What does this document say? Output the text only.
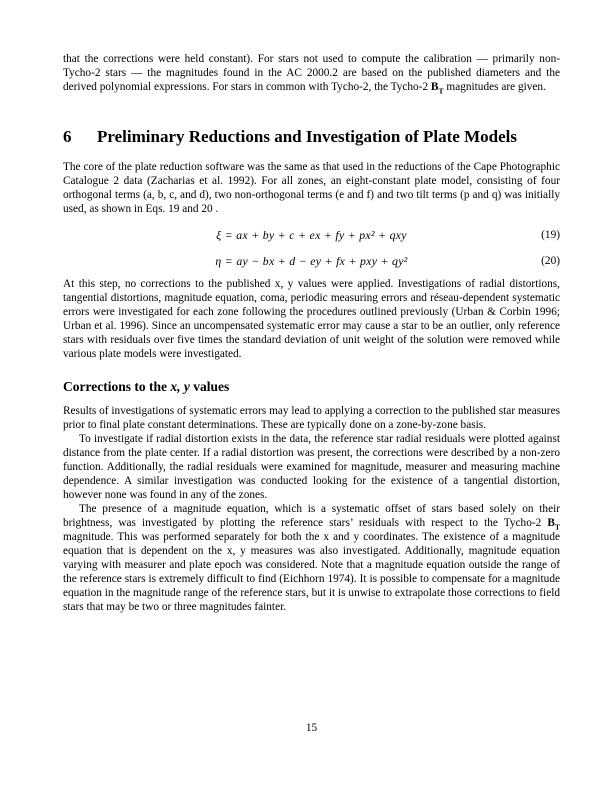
that the corrections were held constant). For stars not used to compute the calibration — primarily non-Tycho-2 stars — the magnitudes found in the AC 2000.2 are based on the published diameters and the derived polynomial expressions. For stars in common with Tycho-2, the Tycho-2 $B_T$ magnitudes are given.

6	Preliminary Reductions and Investigation of Plate Models

The core of the plate reduction software was the same as that used in the reductions of the Cape Photographic Catalogue 2 data (Zacharias et al. 1992). For all zones, an eight-constant plate model, consisting of four orthogonal terms (a, b, c, and d), two non-orthogonal terms (e and f) and two tilt terms (p and q) was initially used, as shown in Eqs. 19 and 20 .

ξ = ax + by + c + ex + fy + px² + qxy	(19)
η = ay − bx + d − ey + fx + pxy + qy²	(20)

At this step, no corrections to the published x, y values were applied. Investigations of radial distortions, tangential distortions, magnitude equation, coma, periodic measuring errors and réseau-dependent systematic errors were investigated for each zone following the procedures outlined previously (Urban & Corbin 1996; Urban et al. 1996). Since an uncompensated systematic error may cause a star to be an outlier, only reference stars with residuals over five times the standard deviation of unit weight of the solution were removed while various plate models were investigated.

Corrections to the x, y values

Results of investigations of systematic errors may lead to applying a correction to the published star measures prior to final plate constant determinations. These are typically done on a zone-by-zone basis.

To investigate if radial distortion exists in the data, the reference star radial residuals were plotted against distance from the plate center. If a radial distortion was present, the corrections were described by a non-zero function. Additionally, the radial residuals were examined for magnitude, measurer and measuring machine dependence. A similar investigation was conducted looking for the existence of a tangential distortion, however none was found in any of the zones.

The presence of a magnitude equation, which is a systematic offset of stars based solely on their brightness, was investigated by plotting the reference stars’ residuals with respect to the Tycho-2 $B_T$ magnitude. This was performed separately for both the x and y coordinates. The existence of a magnitude equation that is dependent on the x, y measures was also investigated. Additionally, magnitude equation varying with measurer and plate epoch was considered. Note that a magnitude equation outside the range of the reference stars is extremely difficult to find (Eichhorn 1974). It is possible to compensate for a magnitude equation in the magnitude range of the reference stars, but it is unwise to extrapolate those corrections to field stars that may be two or three magnitudes fainter.

15
